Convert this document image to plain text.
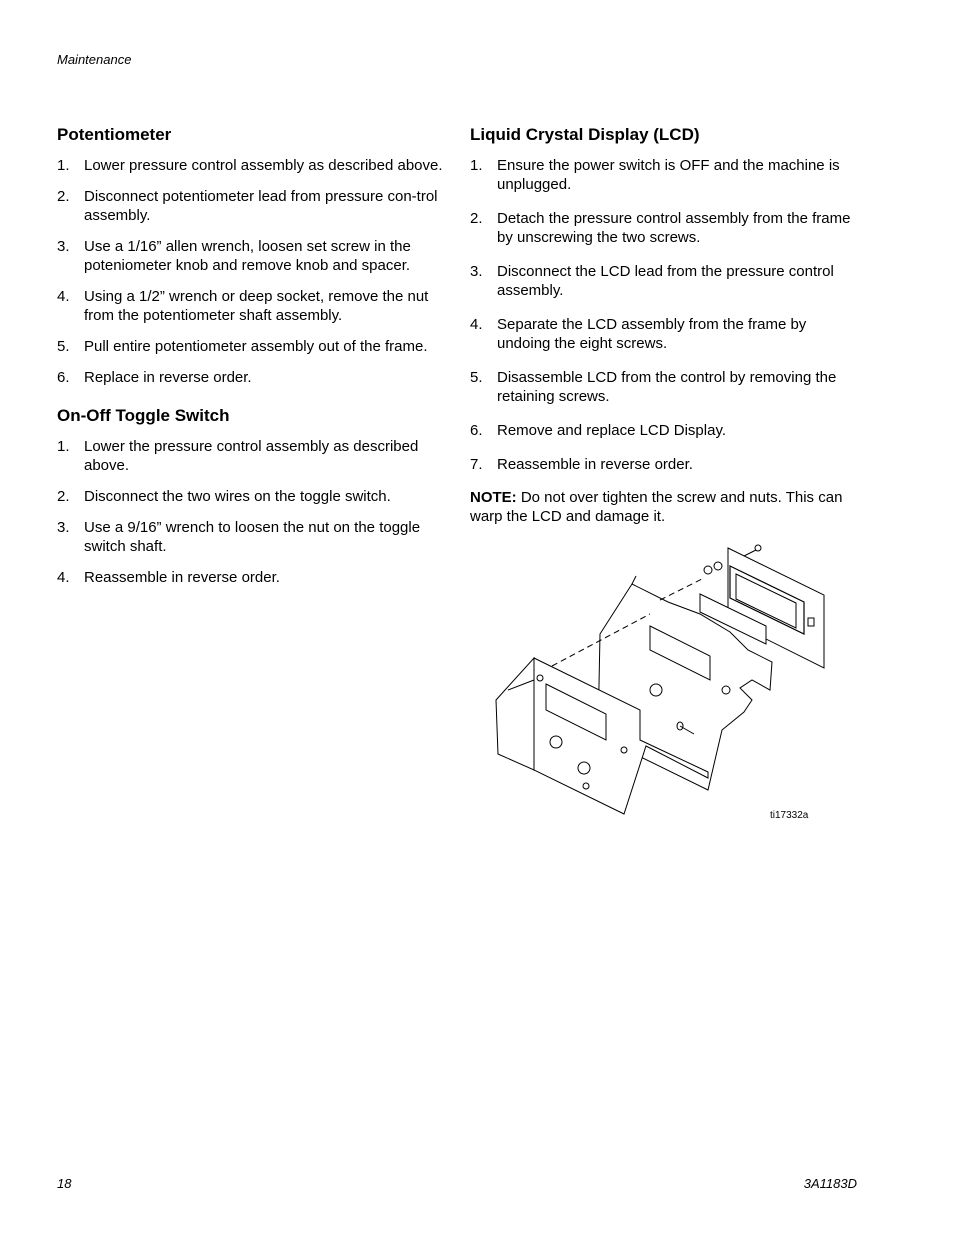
Maintenance
Potentiometer
1. Lower pressure control assembly as described above.
2. Disconnect potentiometer lead from pressure con-trol assembly.
3. Use a 1/16” allen wrench, loosen set screw in the poteniometer knob and remove knob and spacer.
4. Using a 1/2” wrench or deep socket, remove the nut from the potentiometer shaft assembly.
5. Pull entire potentiometer assembly out of the frame.
6. Replace in reverse order.
On-Off Toggle Switch
1. Lower the pressure control assembly as described above.
2. Disconnect the two wires on the toggle switch.
3. Use a 9/16” wrench to loosen the nut on the toggle switch shaft.
4. Reassemble in reverse order.
Liquid Crystal Display (LCD)
1. Ensure the power switch is OFF and the machine is unplugged.
2. Detach the pressure control assembly from the frame by unscrewing the two screws.
3. Disconnect the LCD lead from the pressure control assembly.
4. Separate the LCD assembly from the frame by undoing the eight screws.
5. Disassemble LCD from the control by removing the retaining screws.
6. Remove and replace LCD Display.
7. Reassemble in reverse order.

NOTE: Do not over tighten the screw and nuts. This can warp the LCD and damage it.

ti17332a
18	3A1183D
